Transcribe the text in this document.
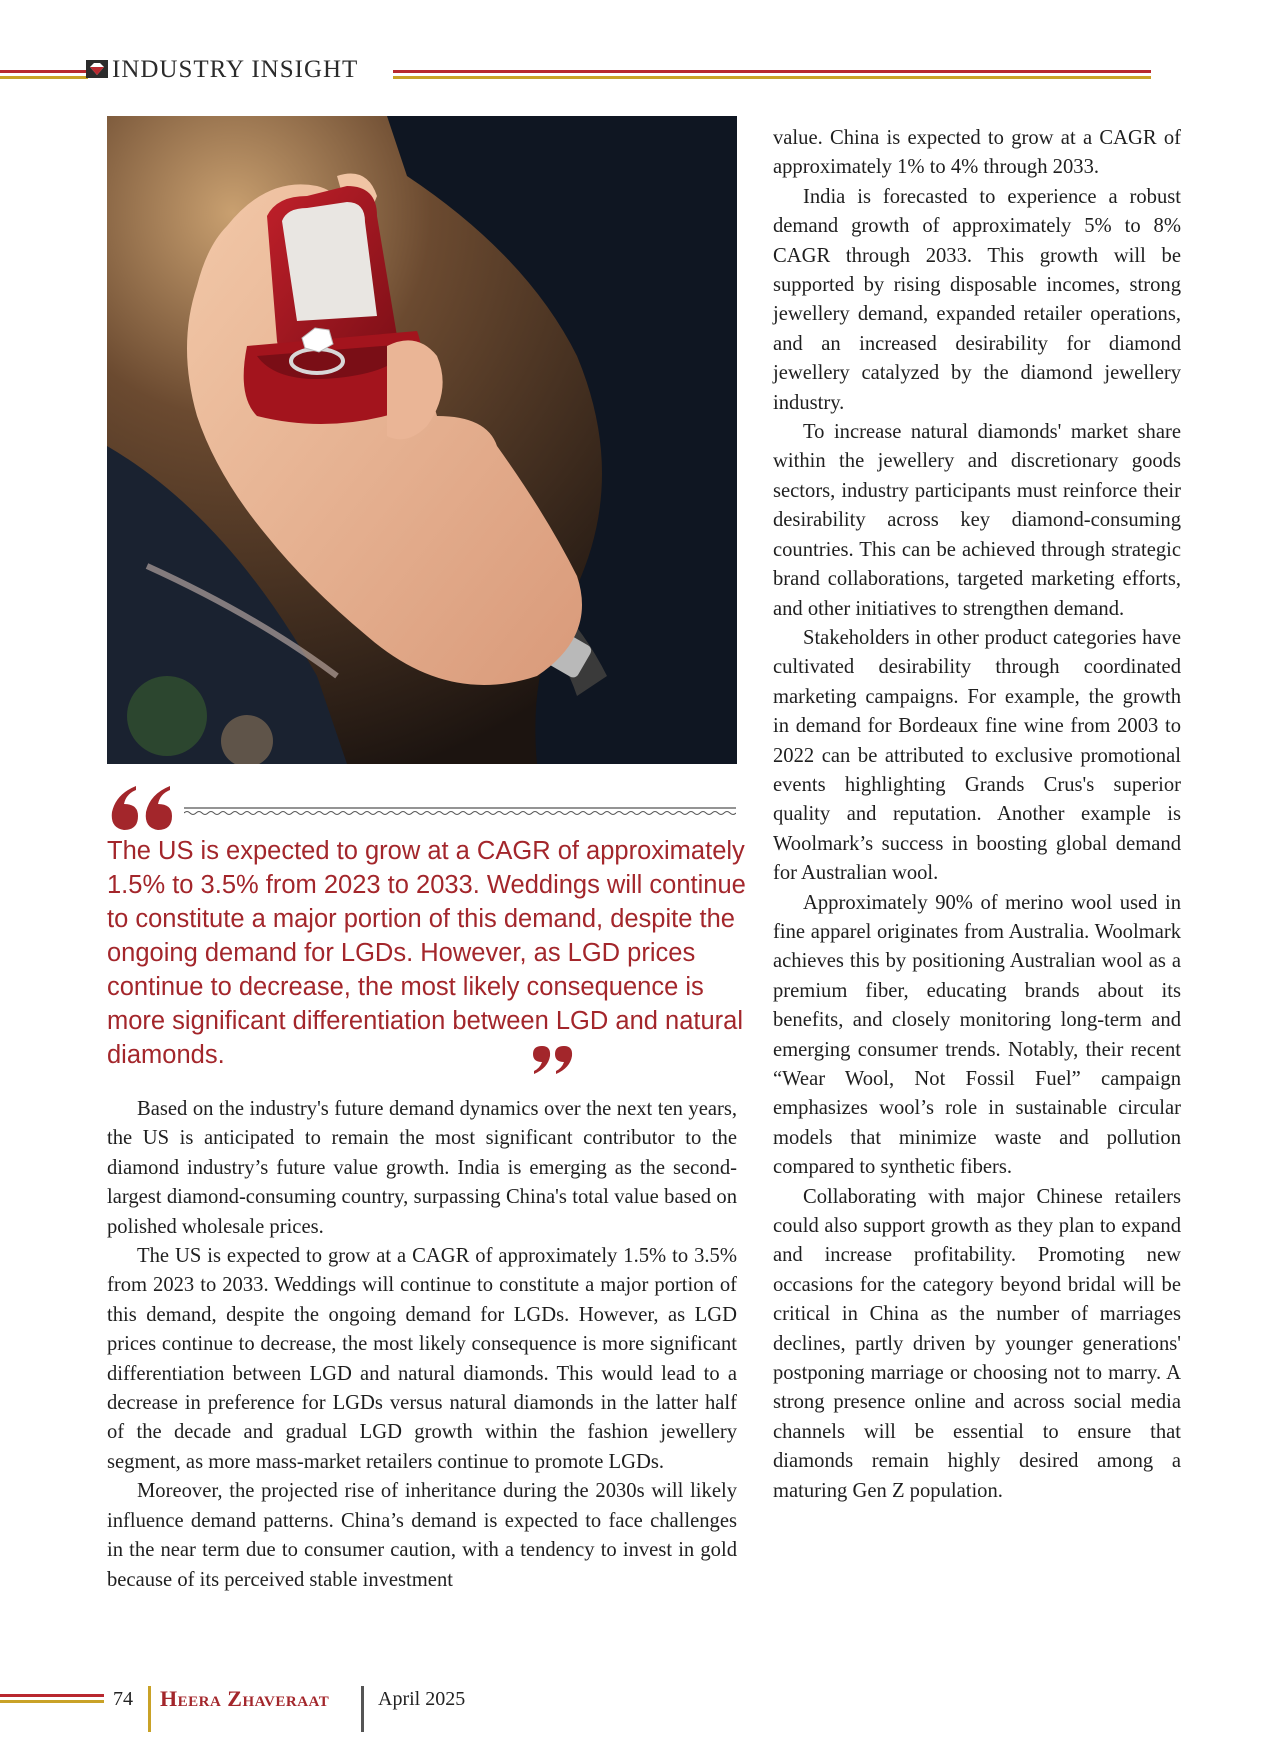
INDUSTRY INSIGHT

The US is expected to grow at a CAGR of approximately 1.5% to 3.5% from 2023 to 2033. Weddings will continue to constitute a major portion of this demand, despite the ongoing demand for LGDs. However, as LGD prices continue to decrease, the most likely consequence is more significant differentiation between LGD and natural diamonds.

Based on the industry's future demand dynamics over the next ten years, the US is anticipated to remain the most significant contributor to the diamond industry’s future value growth. India is emerging as the second-largest diamond-consuming country, surpassing China's total value based on polished wholesale prices.

The US is expected to grow at a CAGR of approximately 1.5% to 3.5% from 2023 to 2033. Weddings will continue to constitute a major portion of this demand, despite the ongoing demand for LGDs. However, as LGD prices continue to decrease, the most likely consequence is more significant differentiation between LGD and natural diamonds. This would lead to a decrease in preference for LGDs versus natural diamonds in the latter half of the decade and gradual LGD growth within the fashion jewellery segment, as more mass-market retailers continue to promote LGDs.

Moreover, the projected rise of inheritance during the 2030s will likely influence demand patterns. China’s demand is expected to face challenges in the near term due to consumer caution, with a tendency to invest in gold because of its perceived stable investment

value. China is expected to grow at a CAGR of approximately 1% to 4% through 2033.

India is forecasted to experience a robust demand growth of approximately 5% to 8% CAGR through 2033. This growth will be supported by rising disposable incomes, strong jewellery demand, expanded retailer operations, and an increased desirability for diamond jewellery catalyzed by the diamond jewellery industry.

To increase natural diamonds' market share within the jewellery and discretionary goods sectors, industry participants must reinforce their desirability across key diamond-consuming countries. This can be achieved through strategic brand collaborations, targeted marketing efforts, and other initiatives to strengthen demand.

Stakeholders in other product categories have cultivated desirability through coordinated marketing campaigns. For example, the growth in demand for Bordeaux fine wine from 2003 to 2022 can be attributed to exclusive promotional events highlighting Grands Crus's superior quality and reputation. Another example is Woolmark’s success in boosting global demand for Australian wool.

Approximately 90% of merino wool used in fine apparel originates from Australia. Woolmark achieves this by positioning Australian wool as a premium fiber, educating brands about its benefits, and closely monitoring long-term and emerging consumer trends. Notably, their recent “Wear Wool, Not Fossil Fuel” campaign emphasizes wool’s role in sustainable circular models that minimize waste and pollution compared to synthetic fibers.

Collaborating with major Chinese retailers could also support growth as they plan to expand and increase profitability. Promoting new occasions for the category beyond bridal will be critical in China as the number of marriages declines, partly driven by younger generations' postponing marriage or choosing not to marry. A strong presence online and across social media channels will be essential to ensure that diamonds remain highly desired among a maturing Gen Z population.

74 Heera Zhaveraat April 2025
